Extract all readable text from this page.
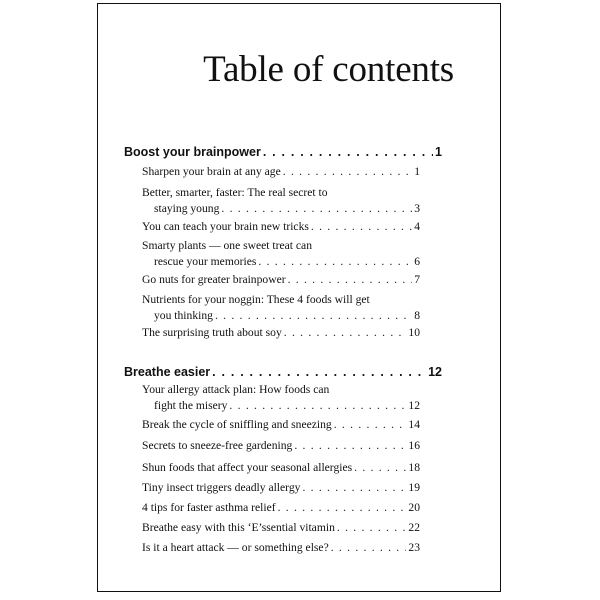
Table of contents
Boost your brainpower . . .	1
Sharpen your brain at any age . . .	1
Better, smarter, faster: The real secret to
staying young . . .	3
You can teach your brain new tricks . . .	4
Smarty plants — one sweet treat can
rescue your memories . . .	6
Go nuts for greater brainpower . . .	7
Nutrients for your noggin: These 4 foods will get
you thinking . . .	8
The surprising truth about soy . . .	10
Breathe easier . . .	12
Your allergy attack plan: How foods can
fight the misery . . .	12
Break the cycle of sniffling and sneezing . . .	14
Secrets to sneeze-free gardening . . .	16
Shun foods that affect your seasonal allergies . . .	18
Tiny insect triggers deadly allergy . . .	19
4 tips for faster asthma relief . . .	20
Breathe easy with this ‘E’ssential vitamin . . .	22
Is it a heart attack — or something else? . . .	23
